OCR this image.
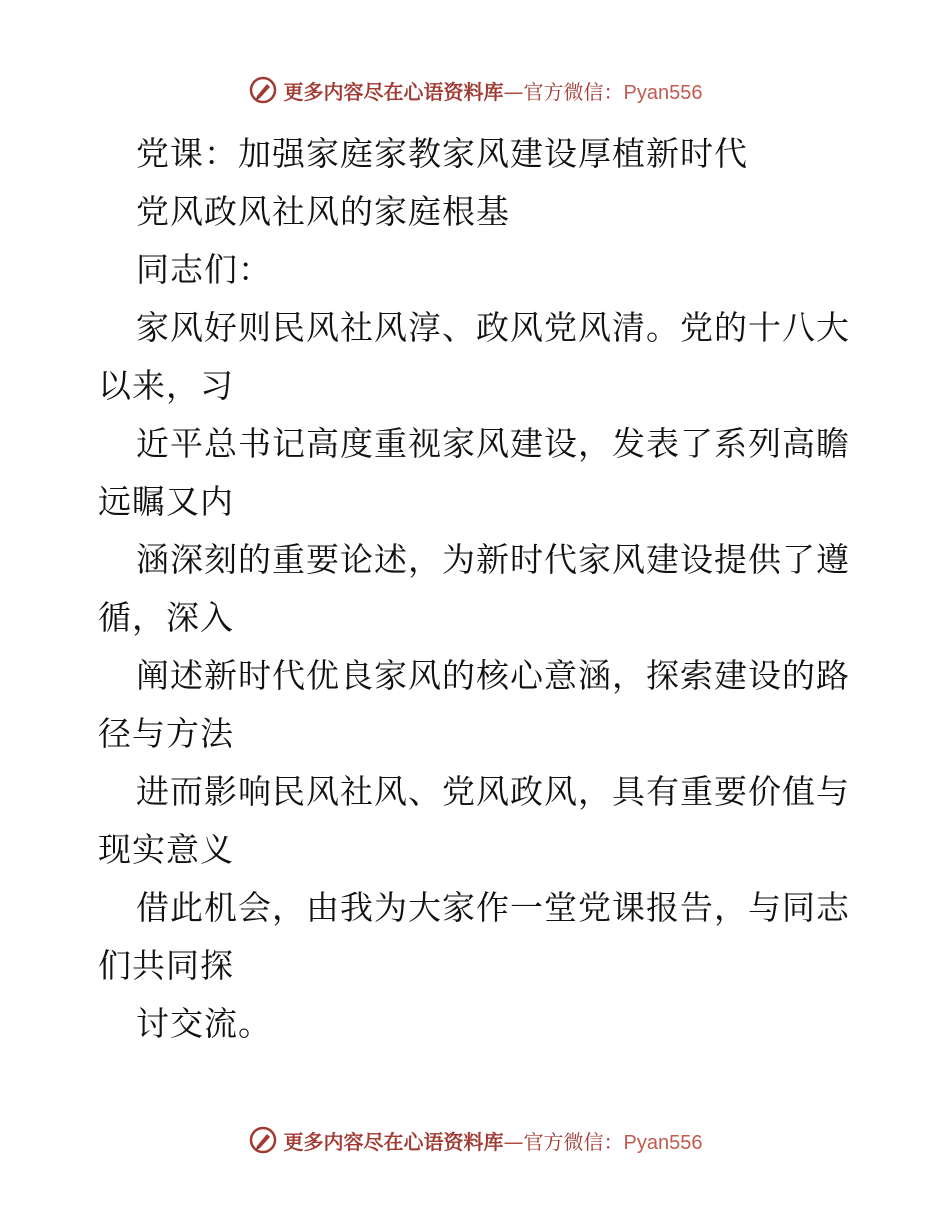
更多内容尽在心语资料库—官方微信：Pyan556
党课：加强家庭家教家风建设厚植新时代
党风政风社风的家庭根基
同志们：
家风好则民风社风淳、政风党风清。党的十八大
以来，习
近平总书记高度重视家风建设，发表了系列高瞻
远瞩又内
涵深刻的重要论述，为新时代家风建设提供了遵
循，深入
阐述新时代优良家风的核心意涵，探索建设的路
径与方法
进而影响民风社风、党风政风，具有重要价值与
现实意义
借此机会，由我为大家作一堂党课报告，与同志
们共同探
讨交流。
更多内容尽在心语资料库—官方微信：Pyan556
